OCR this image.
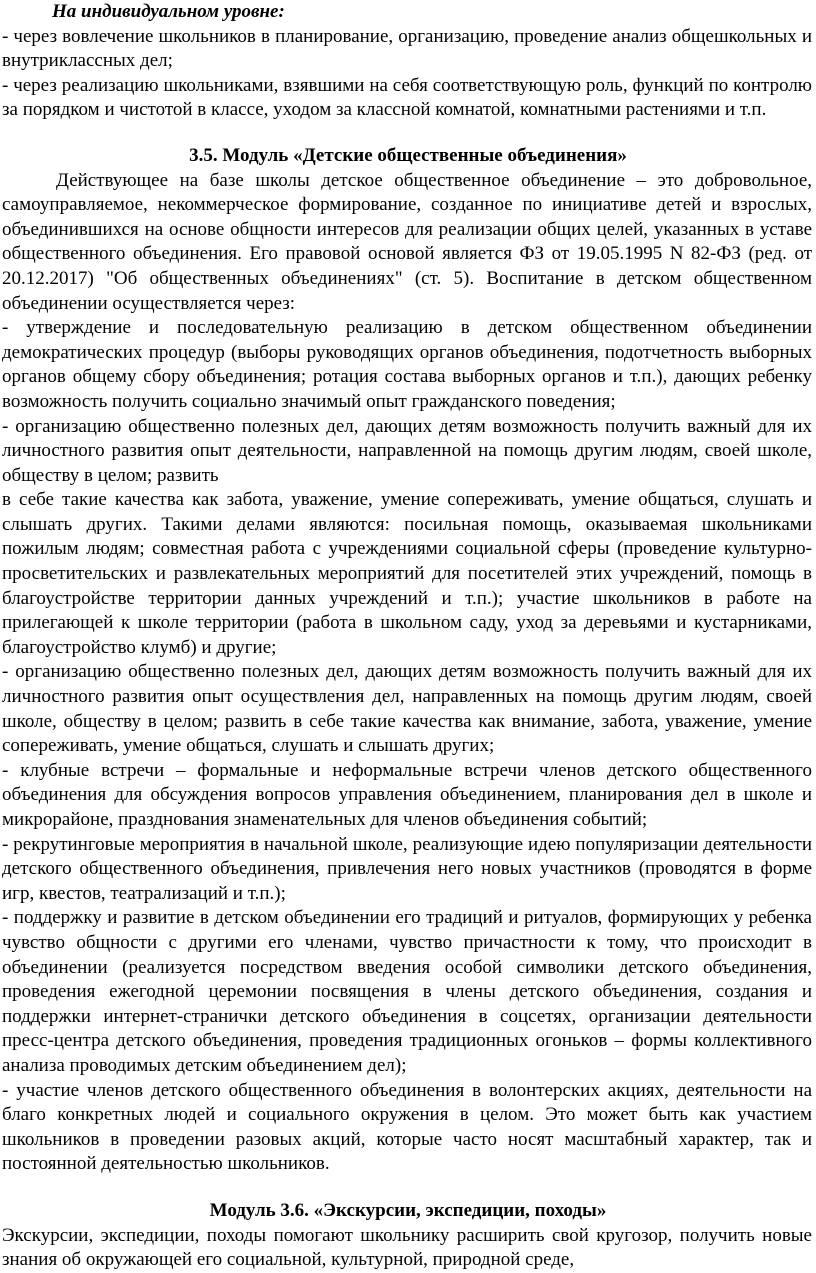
На индивидуальном уровне:

- через вовлечение школьников в планирование, организацию, проведение анализ общешкольных и внутриклассных дел;

- через реализацию школьниками, взявшими на себя соответствующую роль, функций по контролю за порядком и чистотой в классе, уходом за классной комнатой, комнатными растениями и т.п.

3.5. Модуль «Детские общественные объединения»

Действующее на базе школы детское общественное объединение – это добровольное, самоуправляемое, некоммерческое формирование, созданное по инициативе детей и взрослых, объединившихся на основе общности интересов для реализации общих целей, указанных в уставе общественного объединения. Его правовой основой является ФЗ от 19.05.1995 N 82-ФЗ (ред. от 20.12.2017) "Об общественных объединениях" (ст. 5). Воспитание в детском общественном объединении осуществляется через:

- утверждение и последовательную реализацию в детском общественном объединении демократических процедур (выборы руководящих органов объединения, подотчетность выборных органов общему сбору объединения; ротация состава выборных органов и т.п.), дающих ребенку возможность получить социально значимый опыт гражданского поведения;

- организацию общественно полезных дел, дающих детям возможность получить важный для их личностного развития опыт деятельности, направленной на помощь другим людям, своей школе, обществу в целом; развить

в себе такие качества как забота, уважение, умение сопереживать, умение общаться, слушать и слышать других. Такими делами являются: посильная помощь, оказываемая школьниками пожилым людям; совместная работа с учреждениями социальной сферы (проведение культурно-просветительских и развлекательных мероприятий для посетителей этих учреждений, помощь в благоустройстве территории данных учреждений и т.п.); участие школьников в работе на прилегающей к школе территории (работа в школьном саду, уход за деревьями и кустарниками, благоустройство клумб) и другие;

- организацию общественно полезных дел, дающих детям возможность получить важный для их личностного развития опыт осуществления дел, направленных на помощь другим людям, своей школе, обществу в целом; развить в себе такие качества как внимание, забота, уважение, умение сопереживать, умение общаться, слушать и слышать других;

- клубные встречи – формальные и неформальные встречи членов детского общественного объединения для обсуждения вопросов управления объединением, планирования дел в школе и микрорайоне, празднования знаменательных для членов объединения событий;

- рекрутинговые мероприятия в начальной школе, реализующие идею популяризации деятельности детского общественного объединения, привлечения него новых участников (проводятся в форме игр, квестов, театрализаций и т.п.);

- поддержку и развитие в детском объединении его традиций и ритуалов, формирующих у ребенка чувство общности с другими его членами, чувство причастности к тому, что происходит в объединении (реализуется посредством введения особой символики детского объединения, проведения ежегодной церемонии посвящения в члены детского объединения, создания и поддержки интернет-странички детского объединения в соцсетях, организации деятельности пресс-центра детского объединения, проведения традиционных огоньков – формы коллективного анализа проводимых детским объединением дел);

- участие членов детского общественного объединения в волонтерских акциях, деятельности на благо конкретных людей и социального окружения в целом. Это может быть как участием школьников в проведении разовых акций, которые часто носят масштабный характер, так и постоянной деятельностью школьников.

Модуль 3.6. «Экскурсии, экспедиции, походы»

Экскурсии, экспедиции, походы помогают школьнику расширить свой кругозор, получить новые знания об окружающей его социальной, культурной, природной среде,
